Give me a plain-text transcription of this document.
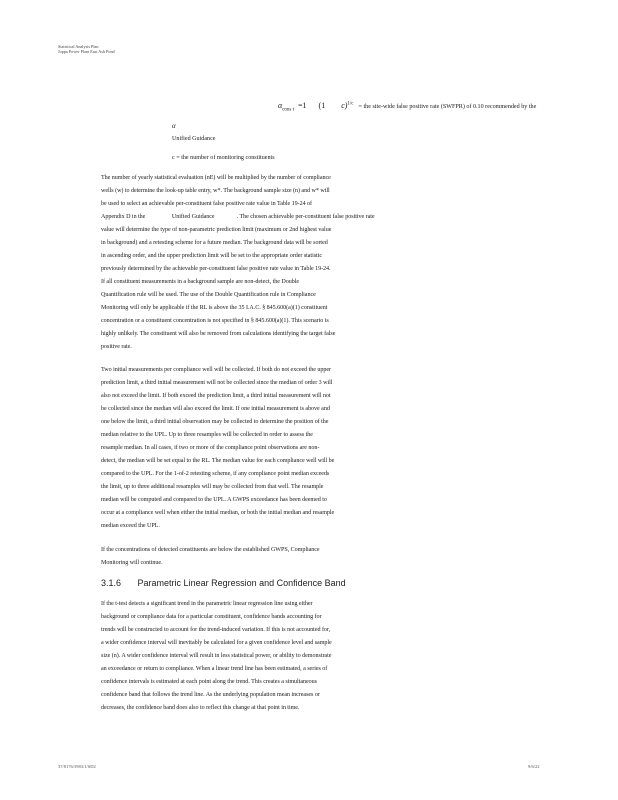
Statistical Analysis Plan
Joppa Power Plant East Ash Pond
$\alpha_{cons t} =1$ (1 c)$^{1/c}$ = the site-wide false positive rate (SWFPR) of 0.10 recommended by the
α
Unified Guidance
c = the number of monitoring constituents
The number of yearly statistical evaluation (nE) will be multiplied by the number of compliance
wells (w) to determine the look-up table entry, w*. The background sample size (n) and w* will
be used to select an achievable per-constituent false positive rate value in Table 19-24 of
Appendix D in the                  Unified Guidance               . The chosen achievable per-constituent false positive rate
value will determine the type of non-parametric prediction limit (maximum or 2nd highest value
in background) and a retesting scheme for a future median. The background data will be sorted
in ascending order, and the upper prediction limit will be set to the appropriate order statistic
previously determined by the achievable per-constituent false positive rate value in Table 19-24.
If all constituent measurements in a background sample are non-detect, the Double
Quantification rule will be used. The use of the Double Quantification rule in Compliance
Monitoring will only be applicable if the RL is above the 35 I.A.C. § 845.600(a)(1) constituent
concentration or a constituent concentration is not specified in § 845.600(a)(1). This scenario is
highly unlikely. The constituent will also be removed from calculations identifying the target false
positive rate.
Two initial measurements per compliance well will be collected. If both do not exceed the upper
prediction limit, a third initial measurement will not be collected since the median of order 3 will
also not exceed the limit. If both exceed the prediction limit, a third initial measurement will not
be collected since the median will also exceed the limit. If one initial measurement is above and
one below the limit, a third initial observation may be collected to determine the position of the
median relative to the UPL. Up to three resamples will be collected in order to assess the
resample median. In all cases, if two or more of the compliance point observations are non-
detect, the median will be set equal to the RL. The median value for each compliance well will be
compared to the UPL. For the 1-of-2 retesting scheme, if any compliance point median exceeds
the limit, up to three additional resamples will may be collected from that well. The resample
median will be computed and compared to the UPL. A GWPS exceedance has been deemed to
occur at a compliance well when either the initial median, or both the initial median and resample
median exceed the UPL.
If the concentrations of detected constituents are below the established GWPS, Compliance
Monitoring will continue.
3.1.6 Parametric Linear Regression and Confidence Band
If the t-test detects a significant trend in the parametric linear regression line using either
background or compliance data for a particular constituent, confidence bands accounting for
trends will be constructed to account for the trend-induced variation. If this is not accounted for,
a wider confidence interval will inevitably be calculated for a given confidence level and sample
size (n). A wider confidence interval will result in less statistical power, or ability to demonstrate
an exceedance or return to compliance. When a linear trend line has been estimated, a series of
confidence intervals is estimated at each point along the trend. This creates a simultaneous
confidence band that follows the trend line. As the underlying population mean increases or
decreases, the confidence band does also to reflect this change at that point in time.
37/8176/3983/1/SD2	9/6/22
